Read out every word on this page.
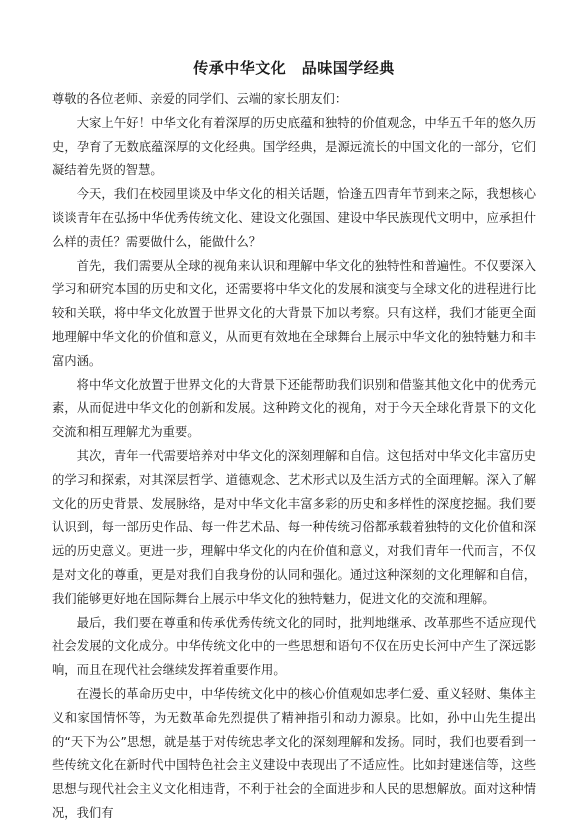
传承中华文化　品味国学经典

尊敬的各位老师、亲爱的同学们、云端的家长朋友们：

大家上午好！中华文化有着深厚的历史底蕴和独特的价值观念，中华五千年的悠久历史，孕育了无数底蕴深厚的文化经典。国学经典，是源远流长的中国文化的一部分，它们凝结着先贤的智慧。

今天，我们在校园里谈及中华文化的相关话题，恰逢五四青年节到来之际，我想核心谈谈青年在弘扬中华优秀传统文化、建设文化强国、建设中华民族现代文明中，应承担什么样的责任？需要做什么，能做什么？

首先，我们需要从全球的视角来认识和理解中华文化的独特性和普遍性。不仅要深入学习和研究本国的历史和文化，还需要将中华文化的发展和演变与全球文化的进程进行比较和关联，将中华文化放置于世界文化的大背景下加以考察。只有这样，我们才能更全面地理解中华文化的价值和意义，从而更有效地在全球舞台上展示中华文化的独特魅力和丰富内涵。

将中华文化放置于世界文化的大背景下还能帮助我们识别和借鉴其他文化中的优秀元素，从而促进中华文化的创新和发展。这种跨文化的视角，对于今天全球化背景下的文化交流和相互理解尤为重要。

其次，青年一代需要培养对中华文化的深刻理解和自信。这包括对中华文化丰富历史的学习和探索，对其深层哲学、道德观念、艺术形式以及生活方式的全面理解。深入了解文化的历史背景、发展脉络，是对中华文化丰富多彩的历史和多样性的深度挖掘。我们要认识到，每一部历史作品、每一件艺术品、每一种传统习俗都承载着独特的文化价值和深远的历史意义。更进一步，理解中华文化的内在价值和意义，对我们青年一代而言，不仅是对文化的尊重，更是对我们自我身份的认同和强化。通过这种深刻的文化理解和自信，我们能够更好地在国际舞台上展示中华文化的独特魅力，促进文化的交流和理解。

最后，我们要在尊重和传承优秀传统文化的同时，批判地继承、改革那些不适应现代社会发展的文化成分。中华传统文化中的一些思想和语句不仅在历史长河中产生了深远影响，而且在现代社会继续发挥着重要作用。

在漫长的革命历史中，中华传统文化中的核心价值观如忠孝仁爱、重义轻财、集体主义和家国情怀等，为无数革命先烈提供了精神指引和动力源泉。比如，孙中山先生提出的“天下为公”思想，就是基于对传统忠孝文化的深刻理解和发扬。同时，我们也要看到一些传统文化在新时代中国特色社会主义建设中表现出了不适应性。比如封建迷信等，这些思想与现代社会主义文化相违背，不利于社会的全面进步和人民的思想解放。面对这种情况，我们有
